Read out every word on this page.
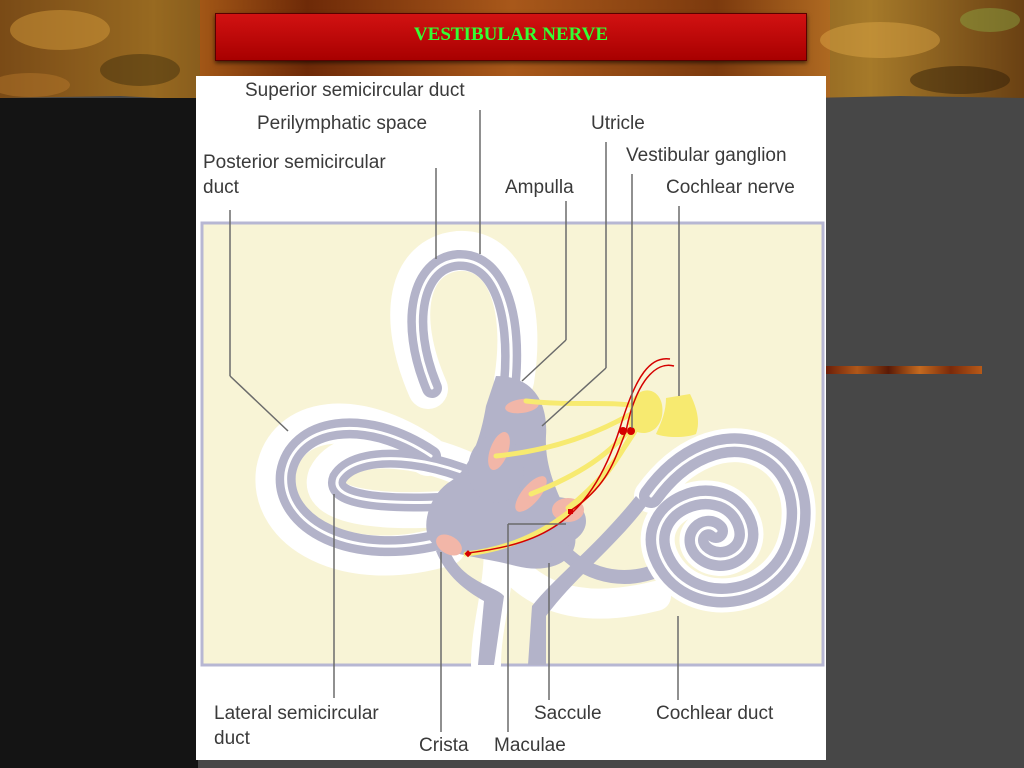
VESTIBULAR NERVE
Superior semicircular duct
Perilymphatic space	Utricle
Posterior semicircular
duct
Vestibular ganglion
Ampulla	Cochlear nerve
Lateral semicircular
duct
Saccule	Cochlear duct
Crista Maculae
